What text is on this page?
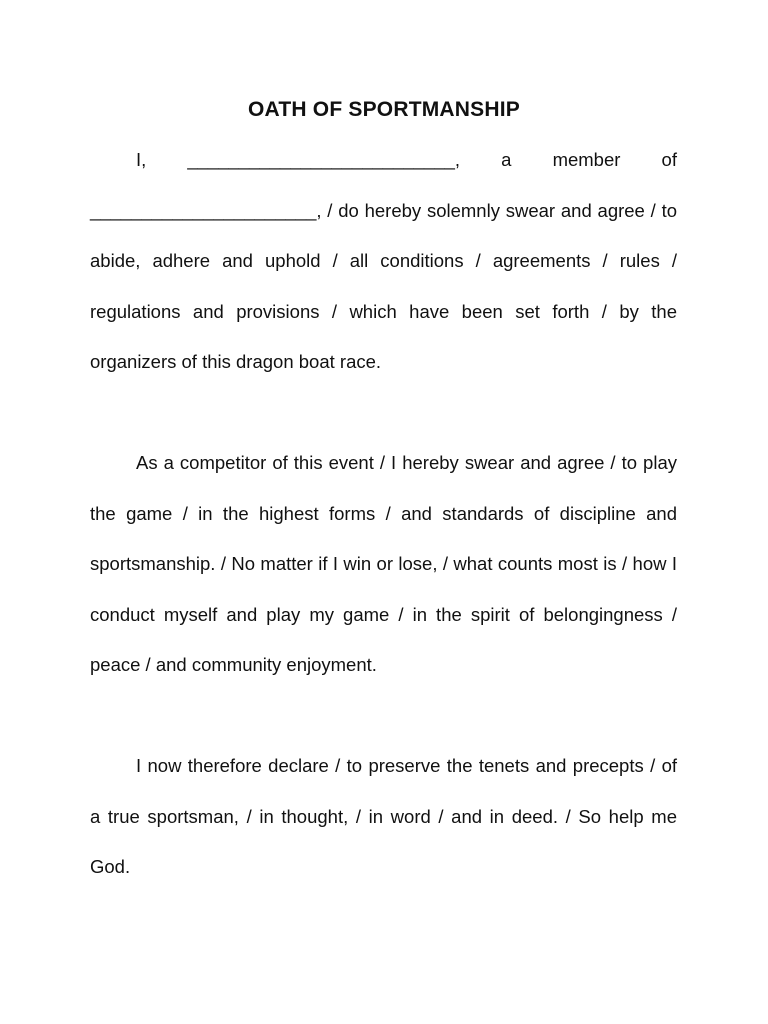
OATH OF SPORTMANSHIP
I, __________________________, a member of
______________________, / do hereby solemnly swear and agree / to abide, adhere and uphold / all conditions / agreements / rules / regulations and provisions / which have been set forth / by the organizers of this dragon boat race.

As a competitor of this event / I hereby swear and agree / to play the game / in the highest forms / and standards of discipline and sportsmanship. / No matter if I win or lose, / what counts most is / how I conduct myself and play my game / in the spirit of belongingness / peace / and community enjoyment.

I now therefore declare / to preserve the tenets and precepts / of a true sportsman, / in thought, / in word / and in deed. / So help me God.
